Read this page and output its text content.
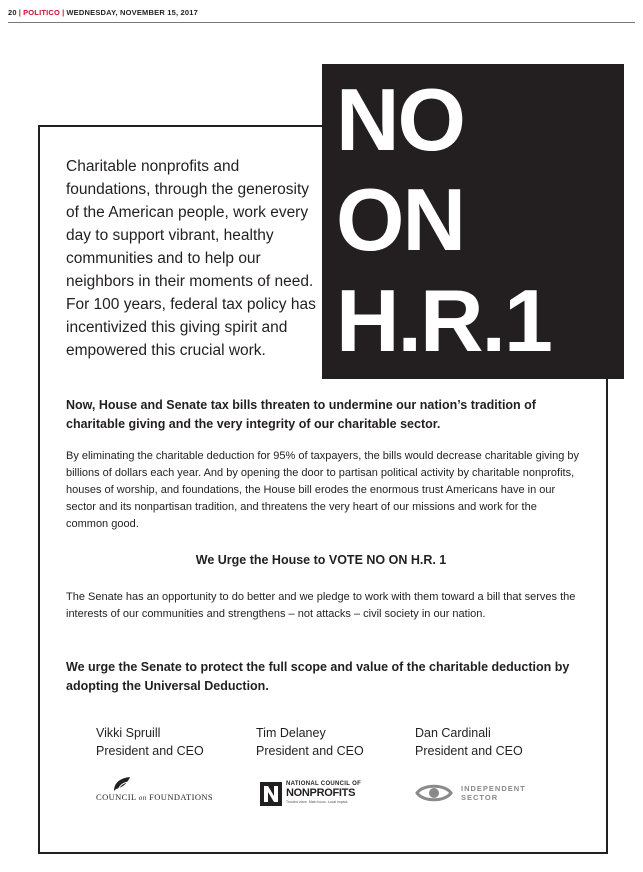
20 | POLITICO | WEDNESDAY, NOVEMBER 15, 2017
NO
ON
H.R.1

Charitable nonprofits and foundations, through the generosity of the American people, work every day to support vibrant, healthy communities and to help our neighbors in their moments of need. For 100 years, federal tax policy has incentivized this giving spirit and empowered this crucial work.

Now, House and Senate tax bills threaten to undermine our nation’s tradition of charitable giving and the very integrity of our charitable sector.

By eliminating the charitable deduction for 95% of taxpayers, the bills would decrease charitable giving by billions of dollars each year. And by opening the door to partisan political activity by charitable nonprofits, houses of worship, and foundations, the House bill erodes the enormous trust Americans have in our sector and its nonpartisan tradition, and threatens the very heart of our missions and work for the common good.

We Urge the House to VOTE NO ON H.R. 1

The Senate has an opportunity to do better and we pledge to work with them toward a bill that serves the interests of our communities and strengthens – not attacks – civil society in our nation.

We urge the Senate to protect the full scope and value of the charitable deduction by adopting the Universal Deduction.

Vikki Spruill
President and CEO
Tim Delaney
President and CEO
Dan Cardinali
President and CEO
COUNCIL on FOUNDATIONS
NATIONAL COUNCIL OF
NONPROFITS
Trusted voice. Main focus. Local impact.
INDEPENDENT
SECTOR
